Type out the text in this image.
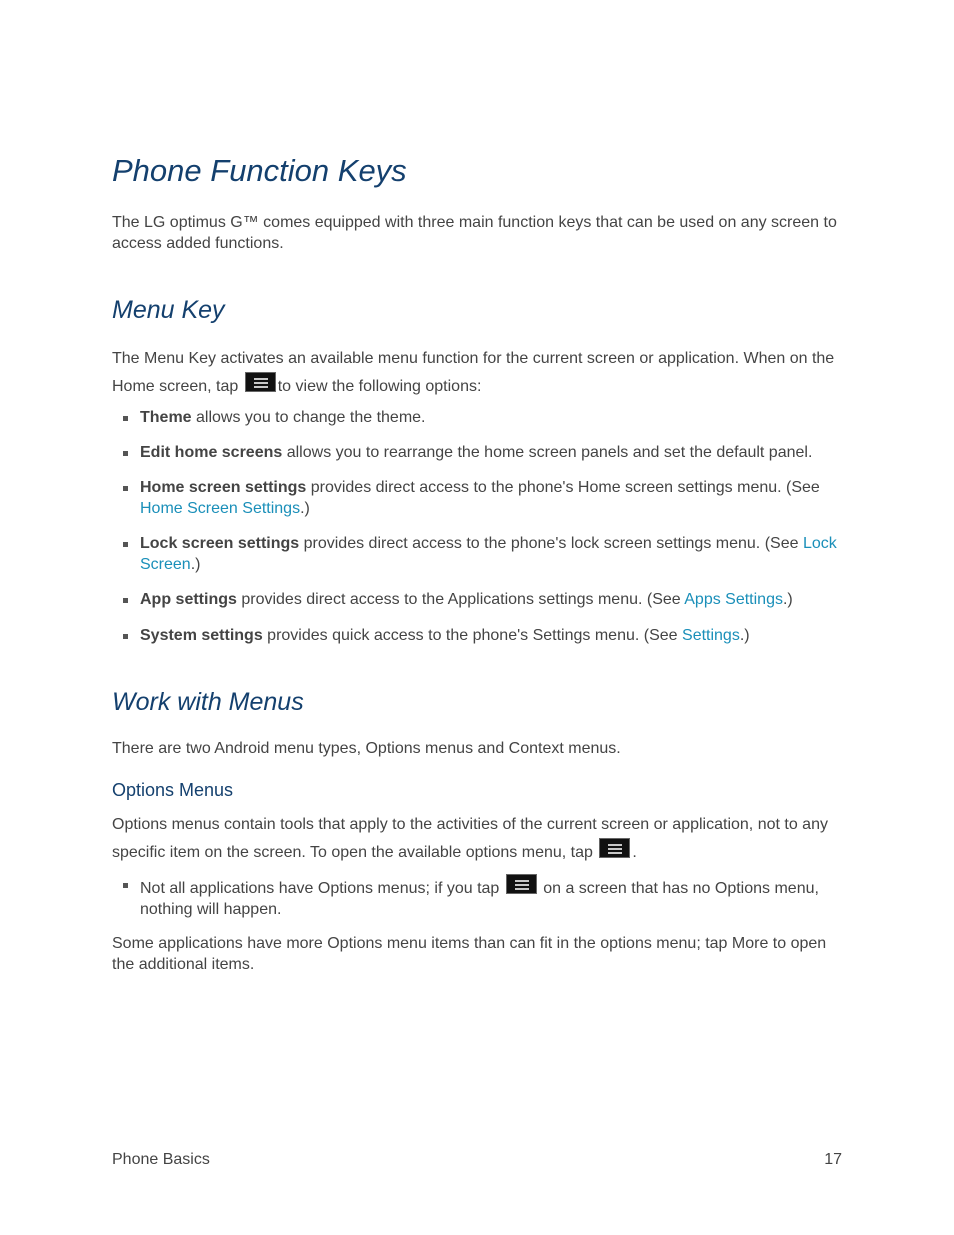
Phone Function Keys

The LG optimus G™ comes equipped with three main function keys that can be used on any screen to access added functions.

Menu Key

The Menu Key activates an available menu function for the current screen or application. When on the Home screen, tap to view the following options:

Theme allows you to change the theme.
Edit home screens allows you to rearrange the home screen panels and set the default panel.
Home screen settings provides direct access to the phone's Home screen settings menu. (See Home Screen Settings.)
Lock screen settings provides direct access to the phone's lock screen settings menu. (See Lock Screen.)
App settings provides direct access to the Applications settings menu. (See Apps Settings.)
System settings provides quick access to the phone's Settings menu. (See Settings.)
Work with Menus

There are two Android menu types, Options menus and Context menus.

Options Menus

Options menus contain tools that apply to the activities of the current screen or application, not to any specific item on the screen. To open the available options menu, tap .

Not all applications have Options menus; if you tap	on a screen that has no Options menu, nothing will happen.

Some applications have more Options menu items than can fit in the options menu; tap More to open the additional items.

Phone Basics	17
